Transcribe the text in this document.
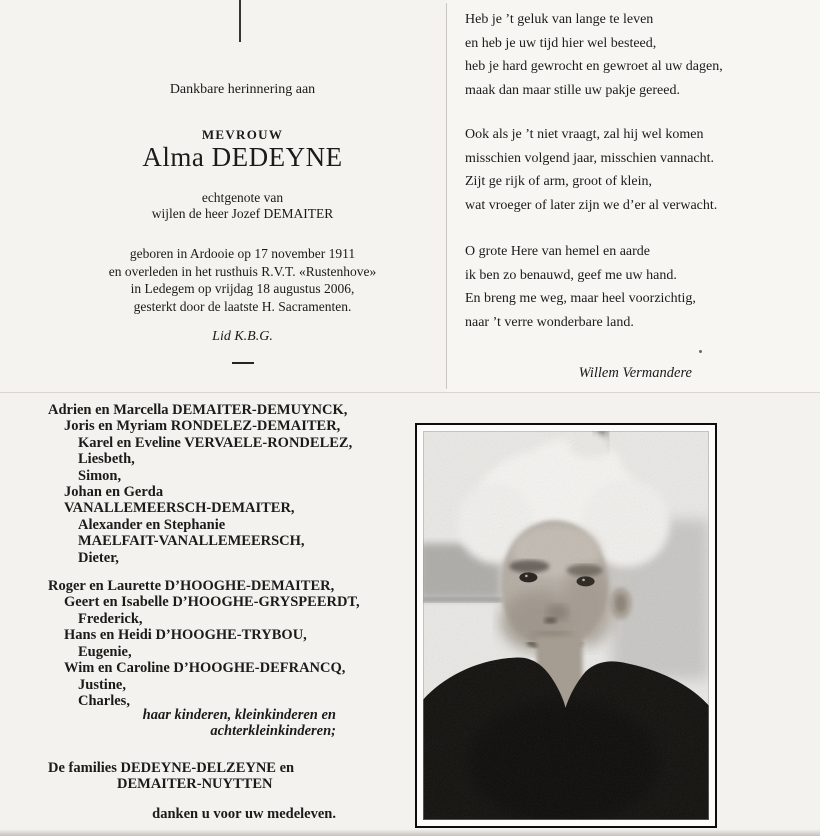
Dankbare herinnering aan
MEVROUW
Alma DEDEYNE
echtgenote van
wijlen de heer Jozef DEMAITER
geboren in Ardooie op 17 november 1911
en overleden in het rusthuis R.V.T. «Rustenhove»
in Ledegem op vrijdag 18 augustus 2006,
gesterkt door de laatste H. Sacramenten.
Lid K.B.G.
Heb je ’t geluk van lange te leven
en heb je uw tijd hier wel besteed,
heb je hard gewrocht en gewroet al uw dagen,
maak dan maar stille uw pakje gereed.
Ook als je ’t niet vraagt, zal hij wel komen
misschien volgend jaar, misschien vannacht.
Zijt ge rijk of arm, groot of klein,
wat vroeger of later zijn we d’er al verwacht.
O grote Here van hemel en aarde
ik ben zo benauwd, geef me uw hand.
En breng me weg, maar heel voorzichtig,
naar ’t verre wonderbare land.
Willem Vermandere
Adrien en Marcella DEMAITER-DEMUYNCK,
Joris en Myriam RONDELEZ-DEMAITER,
Karel en Eveline VERVAELE-RONDELEZ,
Liesbeth,
Simon,
Johan en Gerda
VANALLEMEERSCH-DEMAITER,
Alexander en Stephanie
MAELFAIT-VANALLEMEERSCH,
Dieter,
Roger en Laurette D’HOOGHE-DEMAITER,
Geert en Isabelle D’HOOGHE-GRYSPEERDT,
Frederick,
Hans en Heidi D’HOOGHE-TRYBOU,
Eugenie,
Wim en Caroline D’HOOGHE-DEFRANCQ,
Justine,
Charles,
haar kinderen, kleinkinderen en
achterkleinkinderen;
De families DEDEYNE-DELZEYNE en
DEMAITER-NUYTTEN
danken u voor uw medeleven.
